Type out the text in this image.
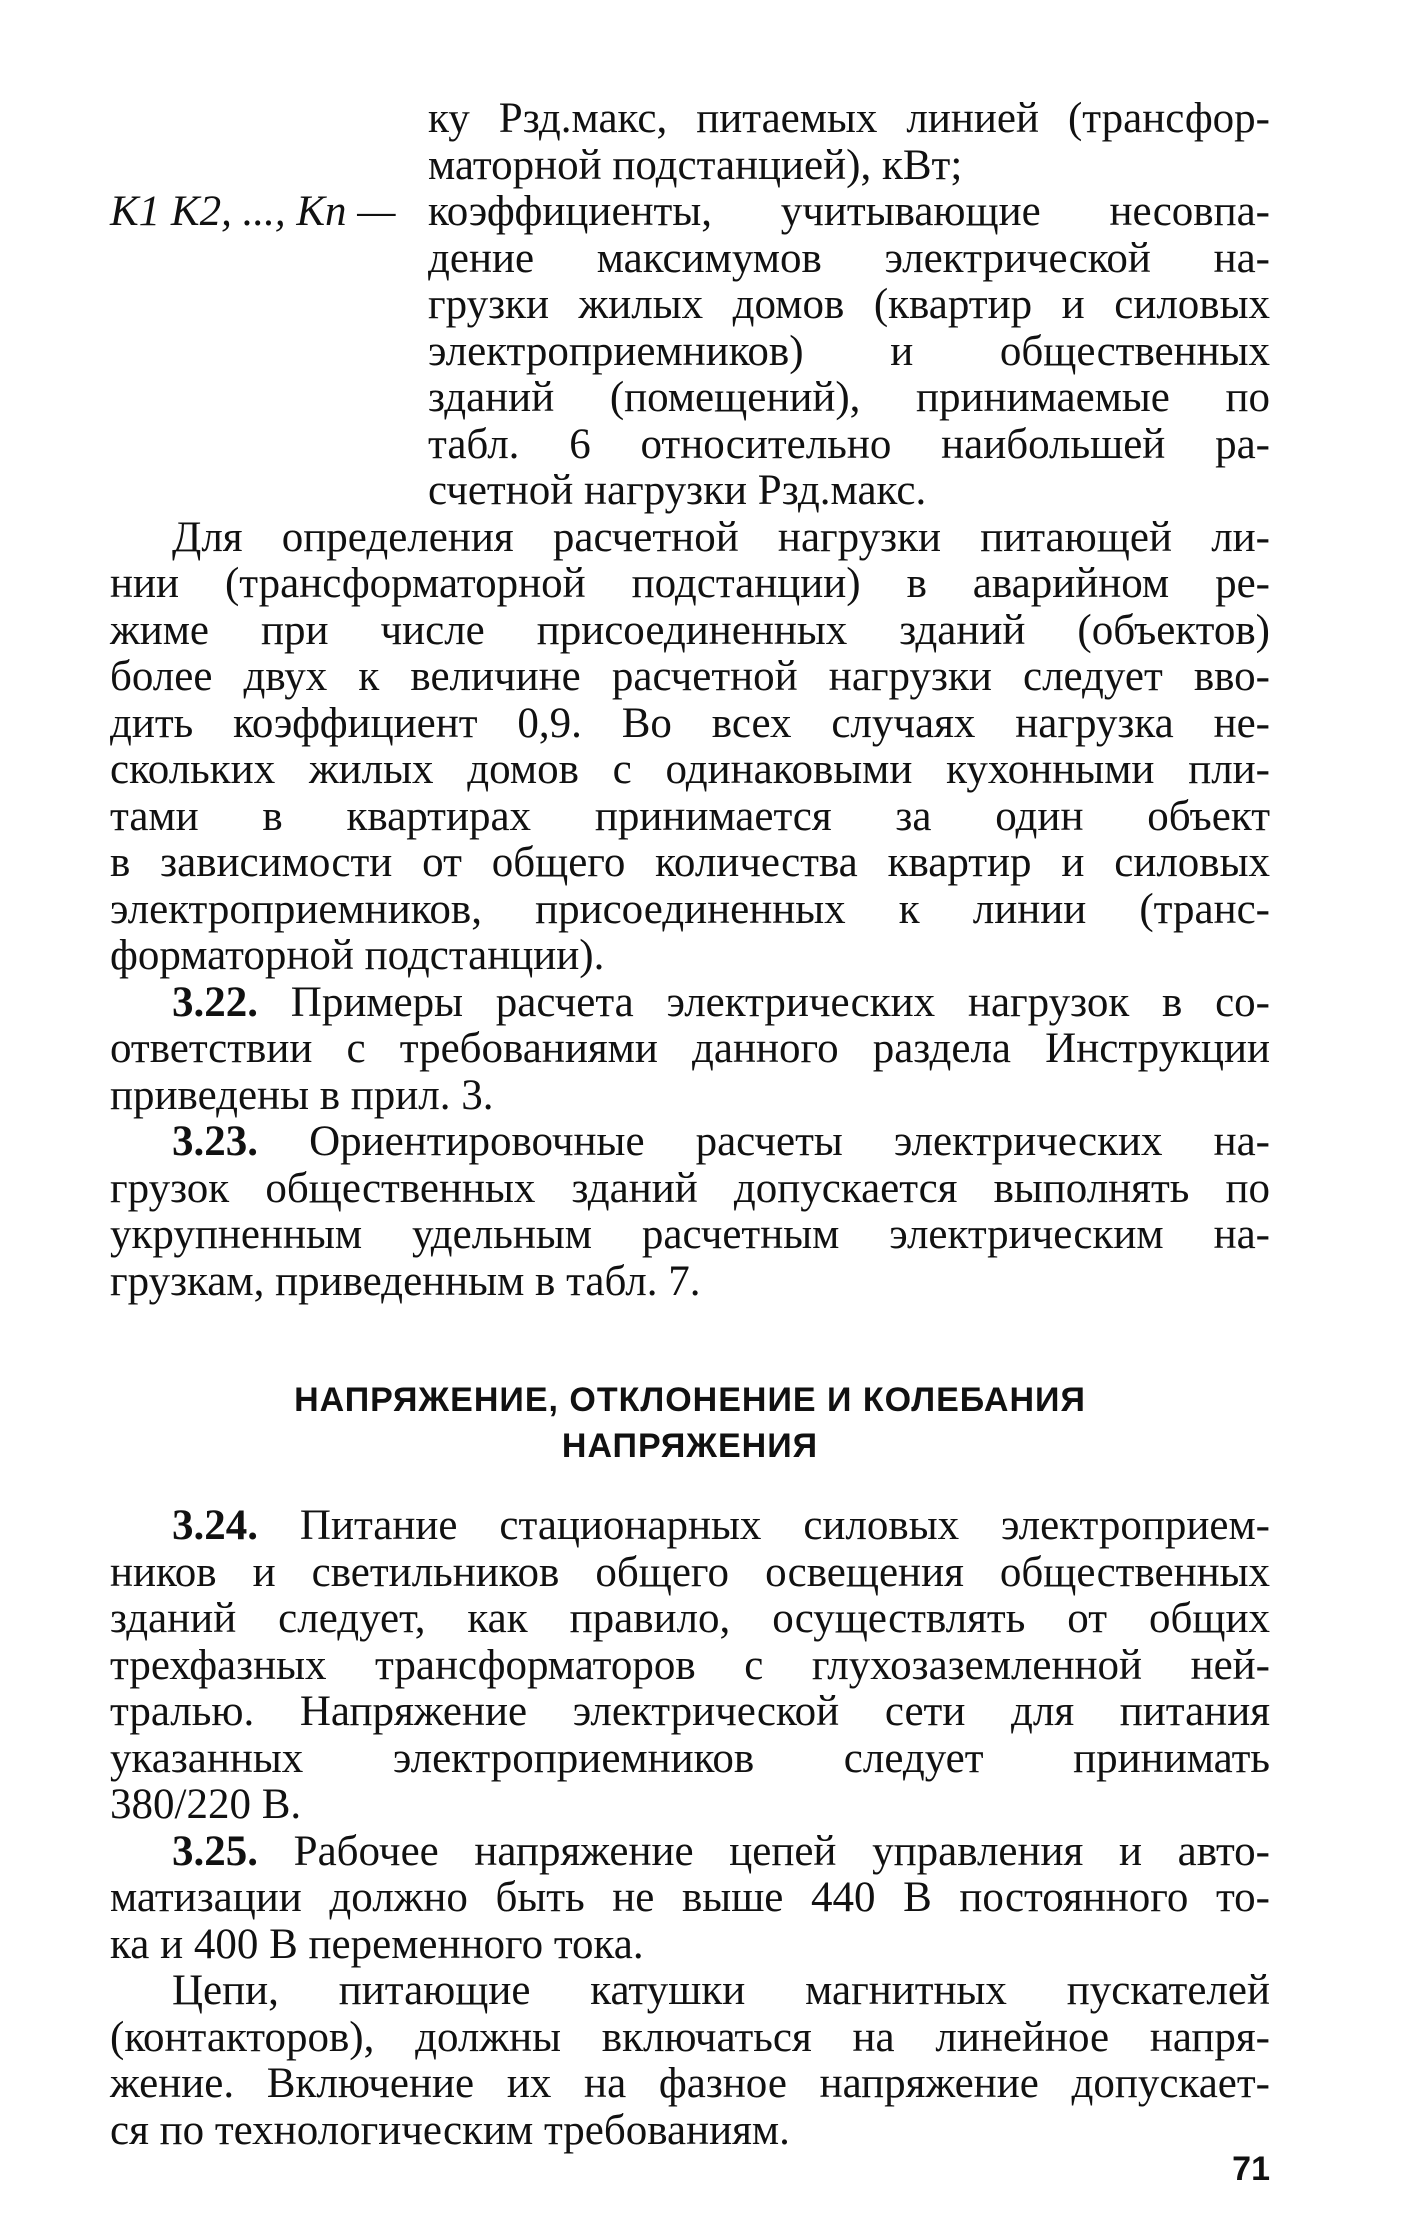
ку Pзд.макс, питаемых линией (трансфор-
маторной подстанцией), кВт;
K1 K2, ..., Kn — коэффициенты, учитывающие несовпа-
дение максимумов электрической на-
грузки жилых домов (квартир и силовых
электроприемников) и общественных
зданий (помещений), принимаемые по
табл. 6 относительно наибольшей ра-
счетной нагрузки Pзд.макс.
Для определения расчетной нагрузки питающей ли-
нии (трансформаторной подстанции) в аварийном ре-
жиме при числе присоединенных зданий (объектов)
более двух к величине расчетной нагрузки следует вво-
дить коэффициент 0,9. Во всех случаях нагрузка не-
скольких жилых домов с одинаковыми кухонными пли-
тами в квартирах принимается за один объект
в зависимости от общего количества квартир и силовых
электроприемников, присоединенных к линии (транс-
форматорной подстанции).
3.22. Примеры расчета электрических нагрузок в со-
ответствии с требованиями данного раздела Инструкции
приведены в прил. 3.
3.23. Ориентировочные расчеты электрических на-
грузок общественных зданий допускается выполнять по
укрупненным удельным расчетным электрическим на-
грузкам, приведенным в табл. 7.
НАПРЯЖЕНИЕ, ОТКЛОНЕНИЕ И КОЛЕБАНИЯ
НАПРЯЖЕНИЯ
3.24. Питание стационарных силовых электроприем-
ников и светильников общего освещения общественных
зданий следует, как правило, осуществлять от общих
трехфазных трансформаторов с глухозаземленной ней-
тралью. Напряжение электрической сети для питания
указанных электроприемников следует принимать
380/220 В.
3.25. Рабочее напряжение цепей управления и авто-
матизации должно быть не выше 440 В постоянного то-
ка и 400 В переменного тока.
Цепи, питающие катушки магнитных пускателей
(контакторов), должны включаться на линейное напря-
жение. Включение их на фазное напряжение допускает-
ся по технологическим требованиям.
71
